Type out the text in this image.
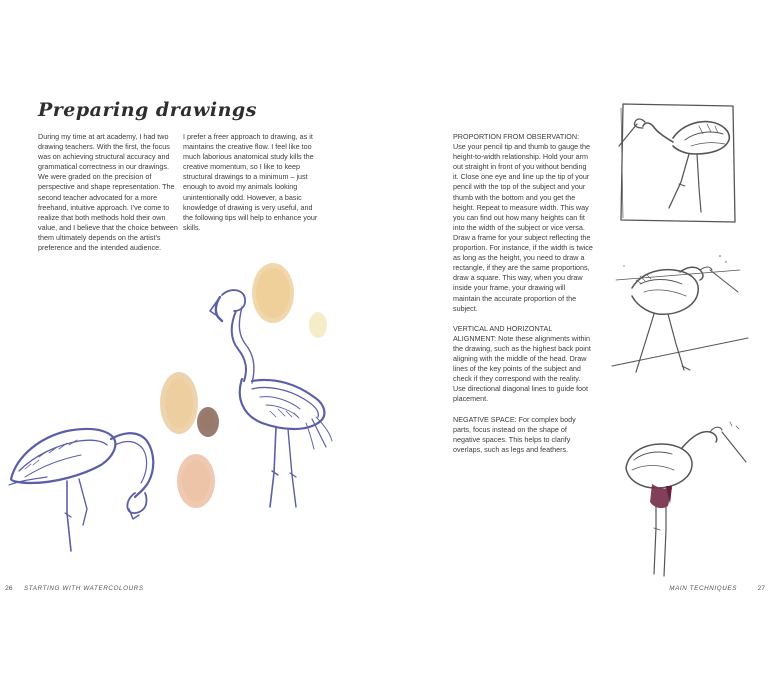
Preparing drawings

During my time at art academy, I had two drawing teachers. With the first, the focus was on achieving structural accuracy and grammatical correctness in our drawings. We were graded on the precision of perspective and shape representation. The second teacher advocated for a more freehand, intuitive approach. I've come to realize that both methods hold their own value, and I believe that the choice between them ultimately depends on the artist's preference and the intended audience.

I prefer a freer approach to drawing, as it maintains the creative flow. I feel like too much laborious anatomical study kills the creative momentum, so I like to keep structural drawings to a minimum – just enough to avoid my animals looking unintentionally odd. However, a basic knowledge of drawing is very useful, and the following tips will help to enhance your skills.

26 STARTING WITH WATERCOLOURS
PROPORTION FROM OBSERVATION: Use your pencil tip and thumb to gauge the height-to-width relationship. Hold your arm out straight in front of you without bending it. Close one eye and line up the tip of your pencil with the top of the subject and your thumb with the bottom and you get the height. Repeat to measure width. This way you can find out how many heights can fit into the width of the subject or vice versa. Draw a frame for your subject reflecting the proportion. For instance, if the width is twice as long as the height, you need to draw a rectangle, if they are the same proportions, draw a square. This way, when you draw inside your frame, your drawing will maintain the accurate proportion of the subject.
VERTICAL AND HORIZONTAL ALIGNMENT: Note these alignments within the drawing, such as the highest back point aligning with the middle of the head. Draw lines of the key points of the subject and check if they correspond with the reality. Use directional diagonal lines to guide foot placement.
NEGATIVE SPACE: For complex body parts, focus instead on the shape of negative spaces. This helps to clarify overlaps, such as legs and feathers.
MAIN TECHNIQUES	27
